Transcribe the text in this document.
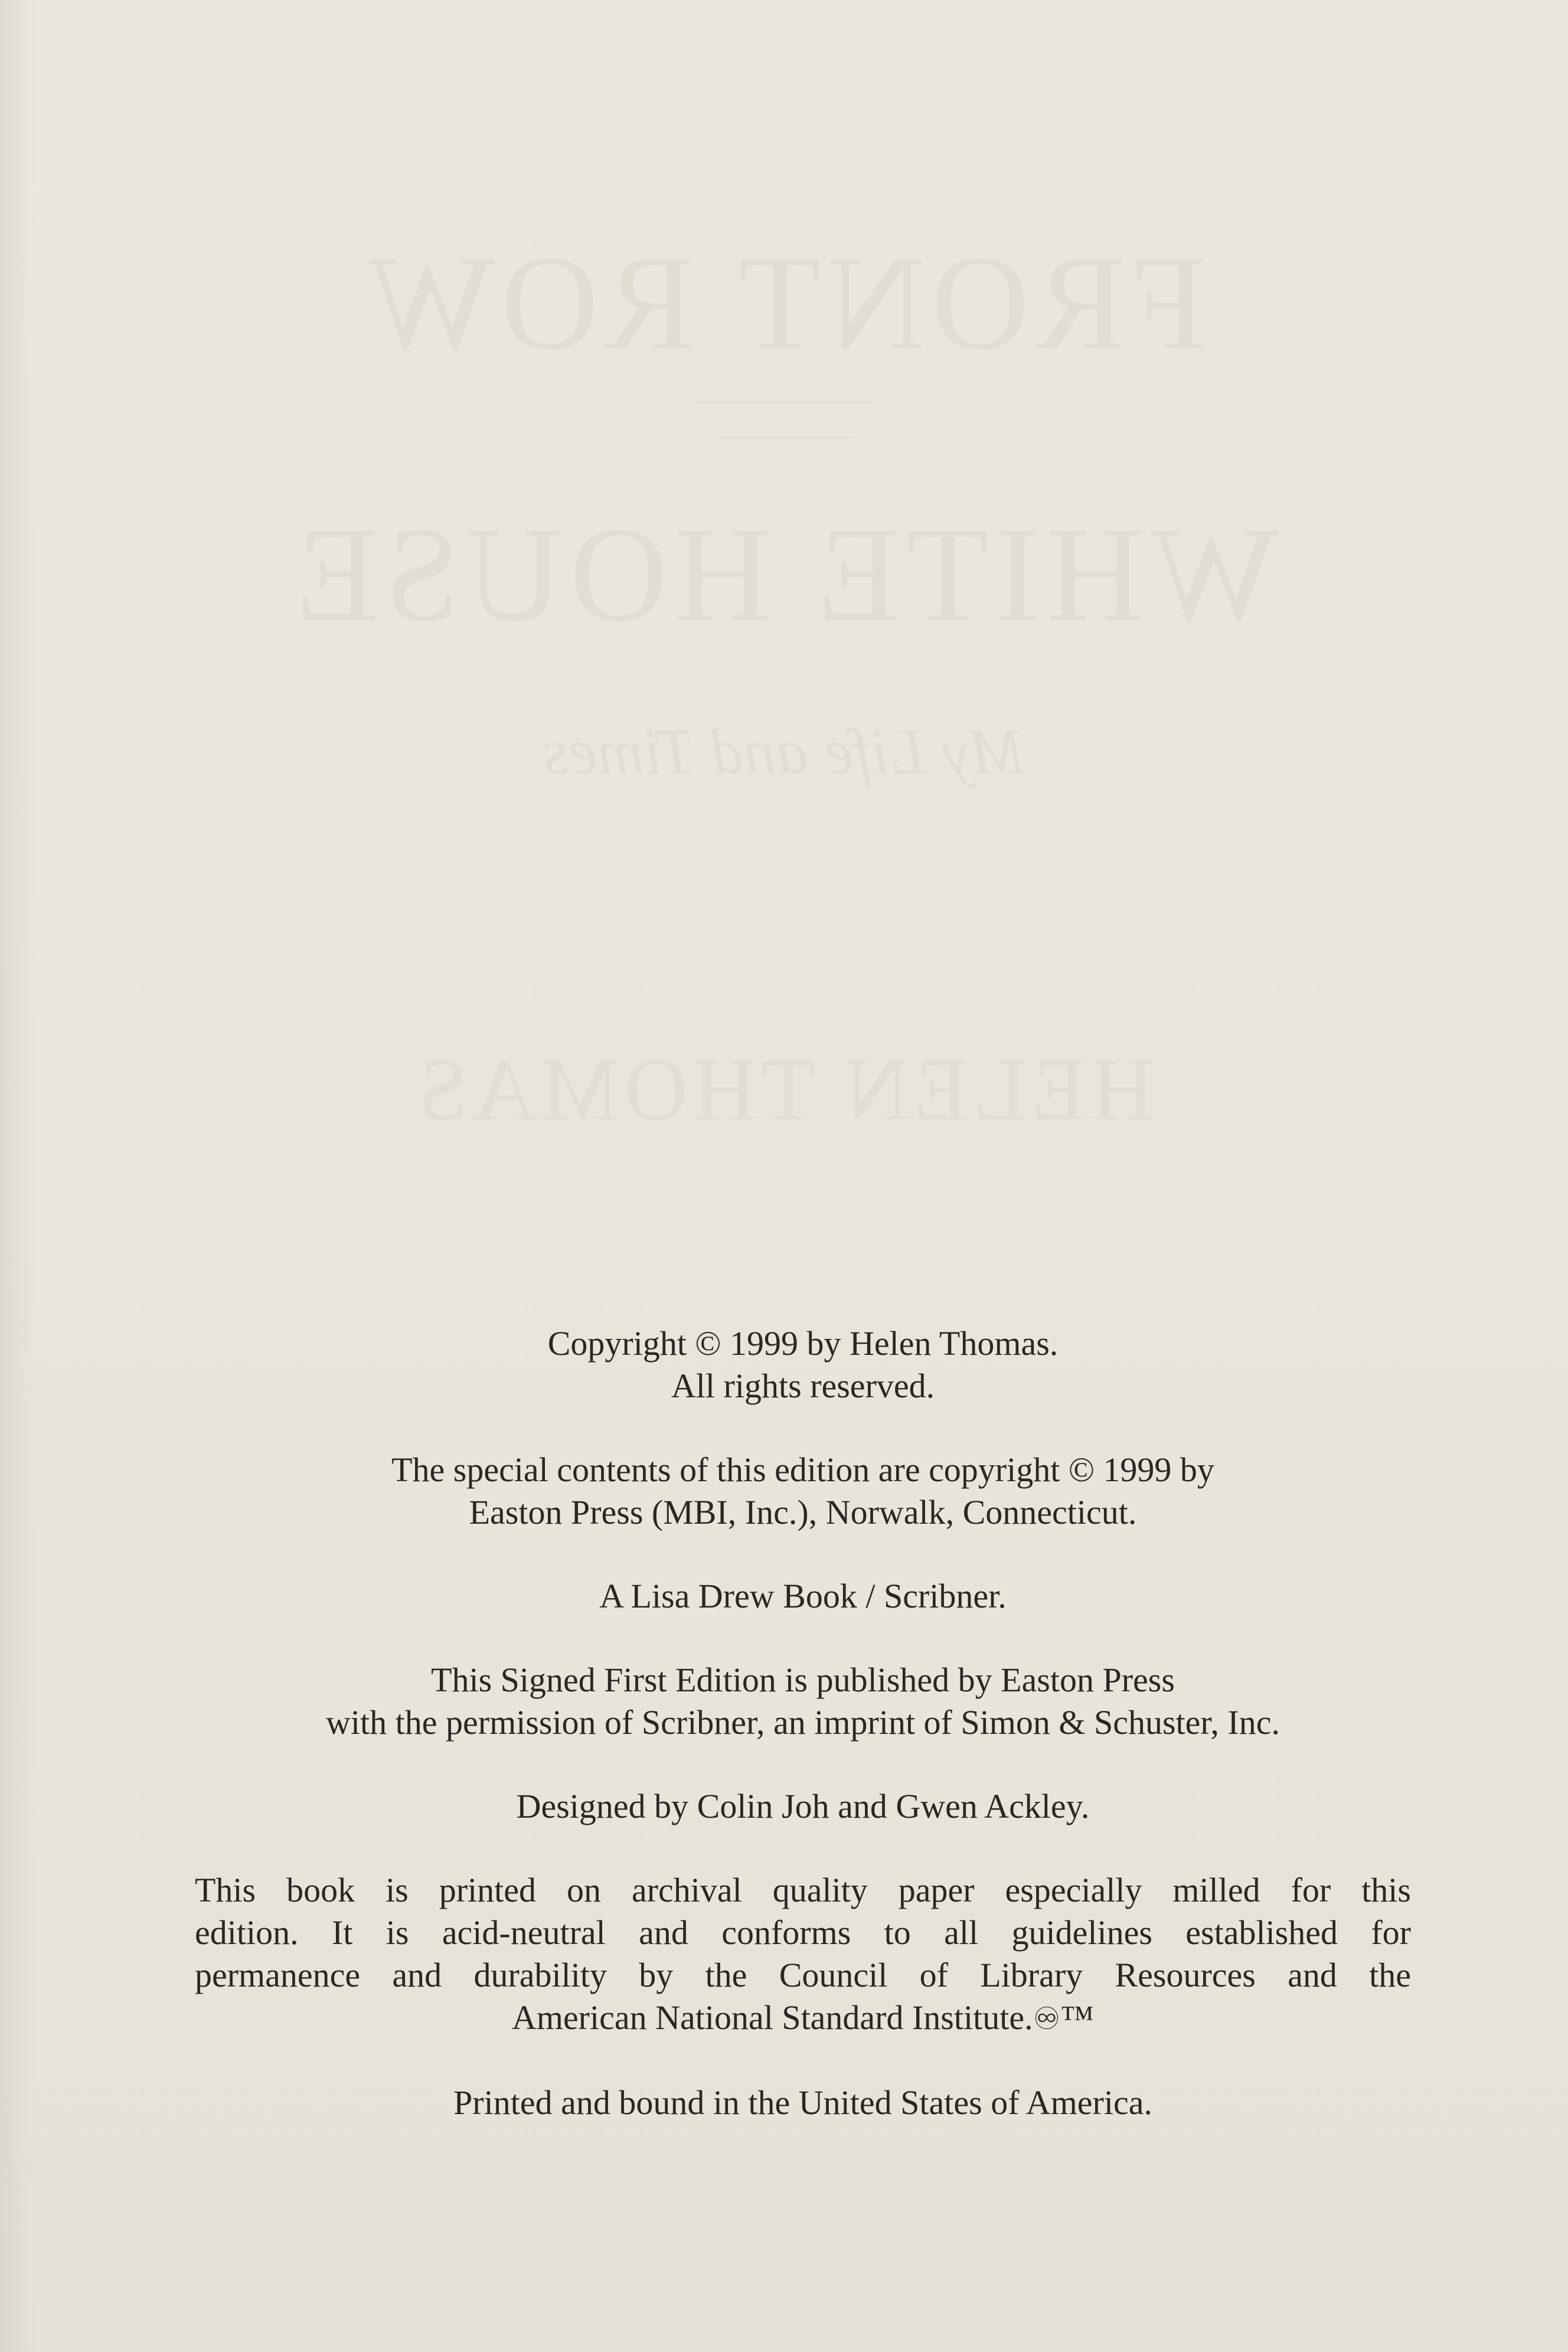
FRONT ROW
WHITE HOUSE
My Life and Times
HELEN THOMAS
Copyright © 1999 by Helen Thomas.
All rights reserved.
The special contents of this edition are copyright © 1999 by
Easton Press (MBI, Inc.), Norwalk, Connecticut.
A Lisa Drew Book / Scribner.
This Signed First Edition is published by Easton Press
with the permission of Scribner, an imprint of Simon & Schuster, Inc.
Designed by Colin Joh and Gwen Ackley.
This book is printed on archival quality paper especially milled for this
edition. It is acid-neutral and conforms to all guidelines established for
permanence and durability by the Council of Library Resources and the
American National Standard Institute.♾™
Printed and bound in the United States of America.
